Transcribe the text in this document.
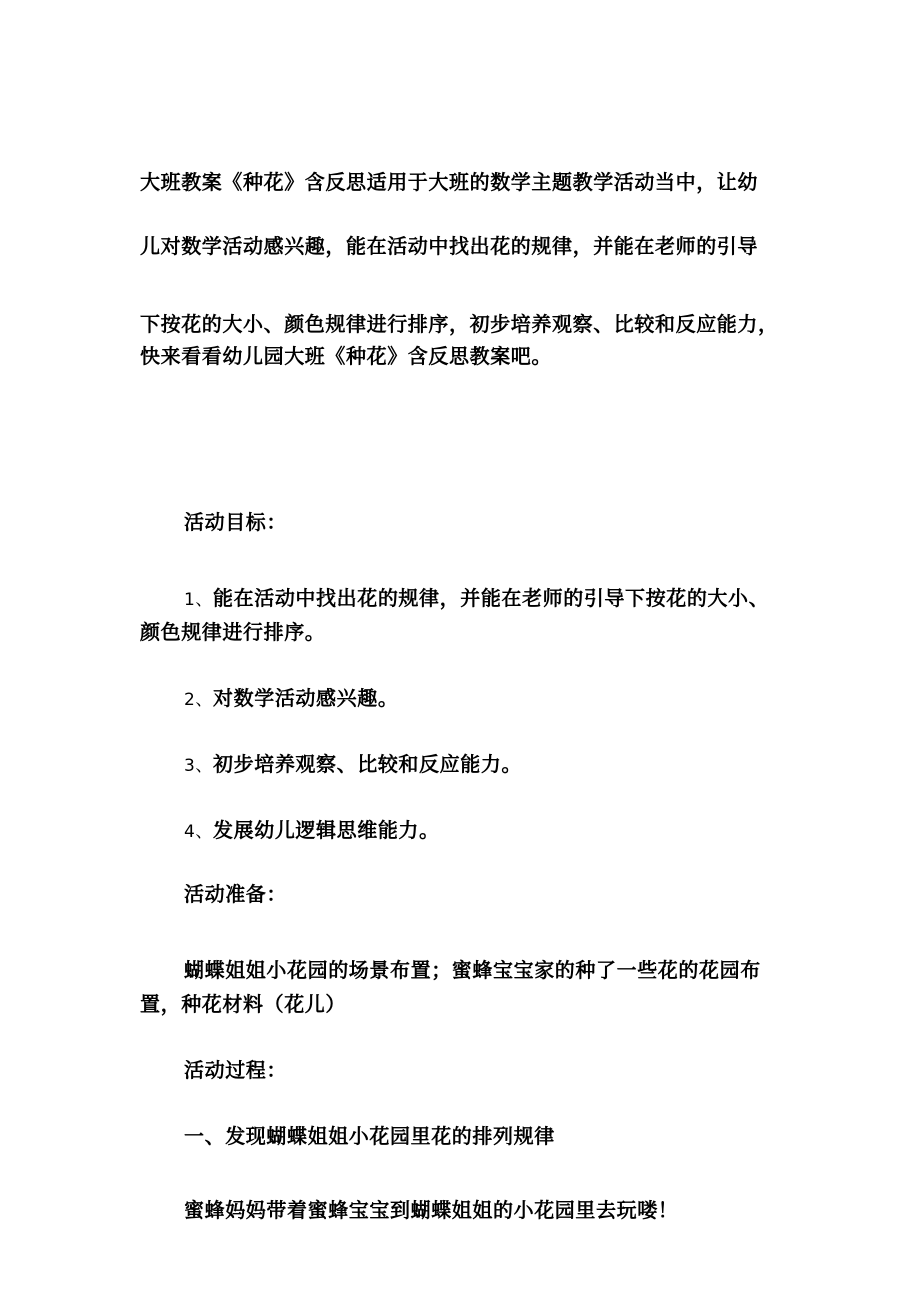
大班教案《种花》含反思适用于大班的数学主题教学活动当中，让幼
儿对数学活动感兴趣，能在活动中找出花的规律，并能在老师的引导
下按花的大小、颜色规律进行排序，初步培养观察、比较和反应能力，
快来看看幼儿园大班《种花》含反思教案吧。
活动目标：
1、能在活动中找出花的规律，并能在老师的引导下按花的大小、
颜色规律进行排序。
2、对数学活动感兴趣。
3、初步培养观察、比较和反应能力。
4、发展幼儿逻辑思维能力。
活动准备：
蝴蝶姐姐小花园的场景布置；蜜蜂宝宝家的种了一些花的花园布
置，种花材料（花儿）
活动过程：
一、发现蝴蝶姐姐小花园里花的排列规律
蜜蜂妈妈带着蜜蜂宝宝到蝴蝶姐姐的小花园里去玩喽！
